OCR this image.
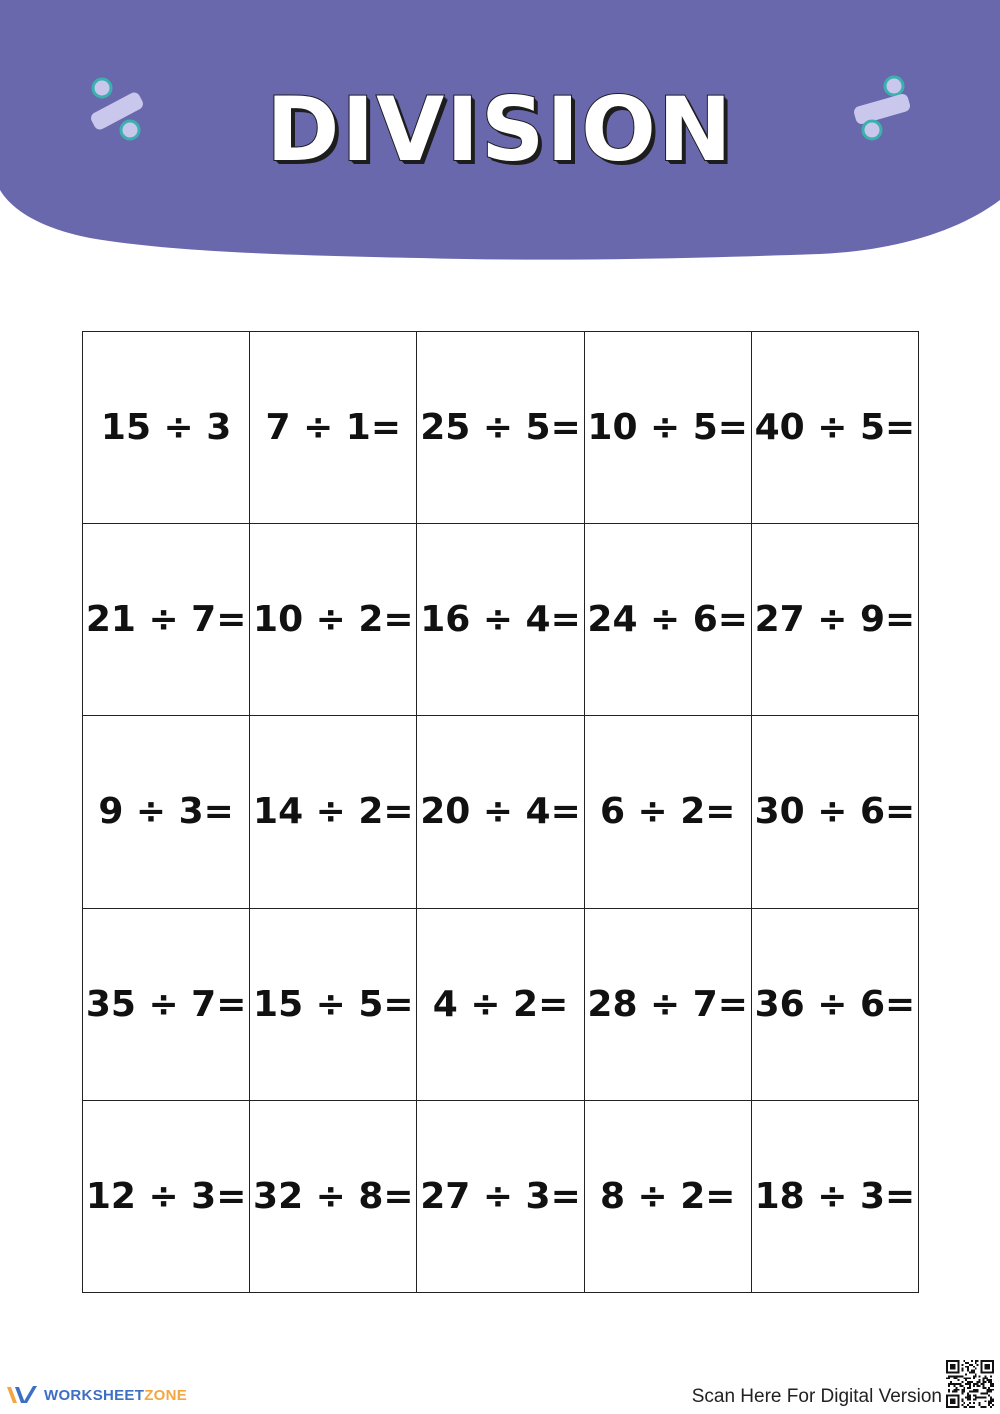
DIVISION
15 ÷ 3 7 ÷ 1= 25 ÷ 5= 10 ÷ 5= 40 ÷ 5=
21 ÷ 7= 10 ÷ 2= 16 ÷ 4= 24 ÷ 6= 27 ÷ 9=
9 ÷ 3= 14 ÷ 2= 20 ÷ 4= 6 ÷ 2= 30 ÷ 6=
35 ÷ 7= 15 ÷ 5= 4 ÷ 2= 28 ÷ 7= 36 ÷ 6=
12 ÷ 3= 32 ÷ 8= 27 ÷ 3= 8 ÷ 2= 18 ÷ 3=
WORKSHEETZONE	Scan Here For Digital Version
